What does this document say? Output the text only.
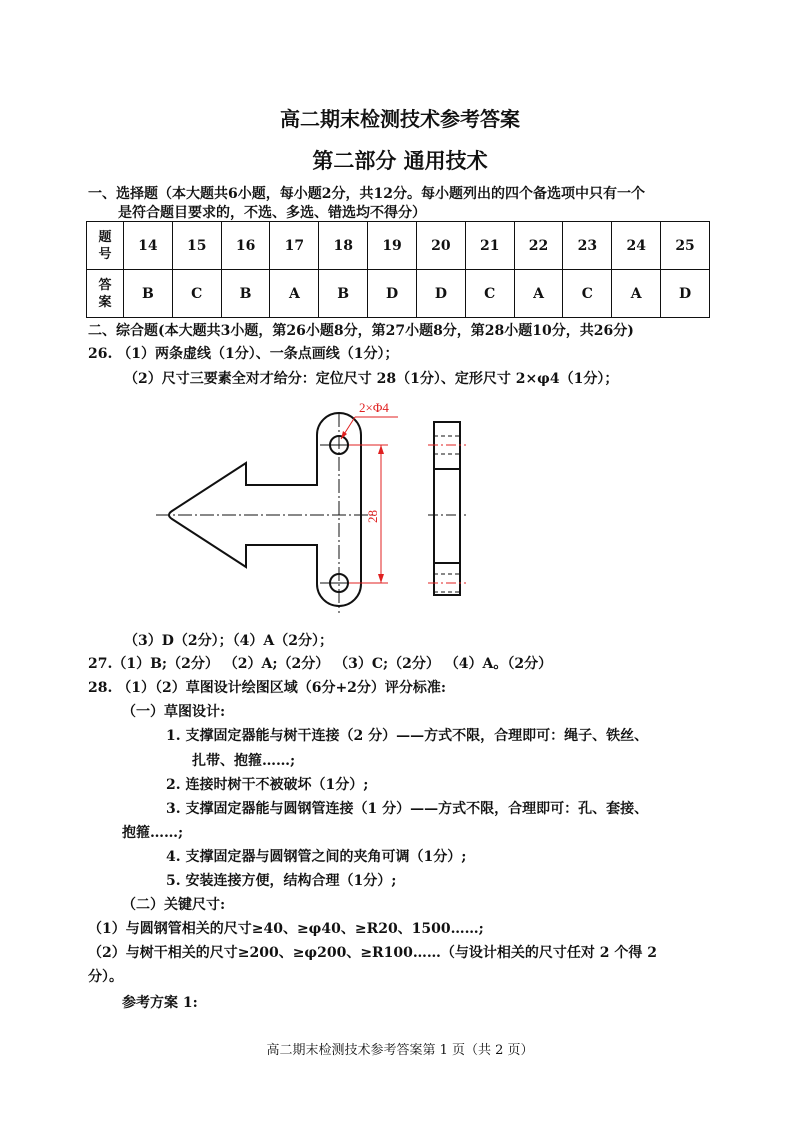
高二期末检测技术参考答案
第二部分 通用技术
一、选择题（本大题共6小题，每小题2分，共12分。每小题列出的四个备选项中只有一个
是符合题目要求的，不选、多选、错选均不得分）
题
号	14	15	16	17	18	19	20	21	22	23	24	25

答
案	B	C	B	A	B	D	D	C	A	C	A	D
二、综合题(本大题共3小题，第26小题8分，第27小题8分，第28小题10分，共26分)
26. （1）两条虚线（1分）、一条点画线（1分）；
（2）尺寸三要素全对才给分：定位尺寸 28（1分）、定形尺寸 2×φ4（1分）；
2×Φ4
28
（3）D（2分）；（4）A（2分）；
27.（1）B;（2分） （2）A;（2分） （3）C;（2分） （4）A。（2分）
28. （1）（2）草图设计绘图区域（6分+2分）评分标准:
（一）草图设计:
1. 支撑固定器能与树干连接（2 分）——方式不限，合理即可：绳子、铁丝、
扎带、抱箍……;
2. 连接时树干不被破坏（1分）;
3. 支撑固定器能与圆钢管连接（1 分）——方式不限，合理即可：孔、套接、
抱箍……;
4. 支撑固定器与圆钢管之间的夹角可调（1分）;
5. 安装连接方便，结构合理（1分）;
（二）关键尺寸:
（1）与圆钢管相关的尺寸≥40、≥φ40、≥R20、1500……;
（2）与树干相关的尺寸≥200、≥φ200、≥R100……（与设计相关的尺寸任对 2 个得 2
分）。
参考方案 1:
高二期末检测技术参考答案第 1 页（共 2 页）
